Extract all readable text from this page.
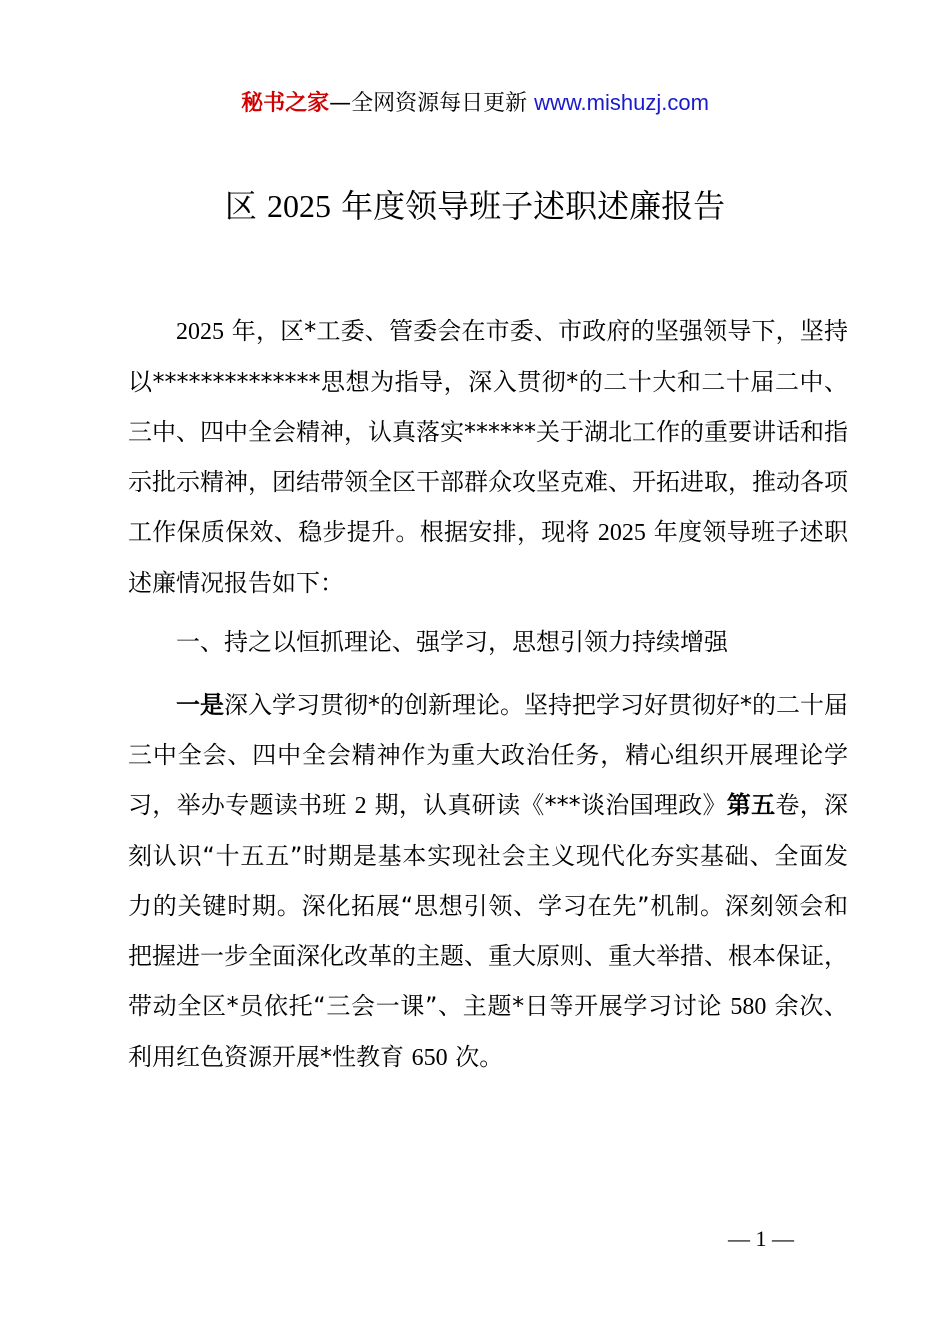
秘书之家—全网资源每日更新 www.mishuzj.com
区 2025 年度领导班子述职述廉报告

2025 年，区*工委、管委会在市委、市政府的坚强领导下，坚持以**************思想为指导，深入贯彻*的二十大和二十届二中、三中、四中全会精神，认真落实******关于湖北工作的重要讲话和指示批示精神，团结带领全区干部群众攻坚克难、开拓进取，推动各项工作保质保效、稳步提升。根据安排，现将 2025 年度领导班子述职述廉情况报告如下：

一、持之以恒抓理论、强学习，思想引领力持续增强

一是深入学习贯彻*的创新理论。坚持把学习好贯彻好*的二十届三中全会、四中全会精神作为重大政治任务，精心组织开展理论学习，举办专题读书班 2 期，认真研读《***谈治国理政》第五卷，深刻认识“十五五”时期是基本实现社会主义现代化夯实基础、全面发力的关键时期。深化拓展“思想引领、学习在先”机制。深刻领会和把握进一步全面深化改革的主题、重大原则、重大举措、根本保证，带动全区*员依托“三会一课”、主题*日等开展学习讨论 580 余次、利用红色资源开展*性教育 650 次。

— 1 —
